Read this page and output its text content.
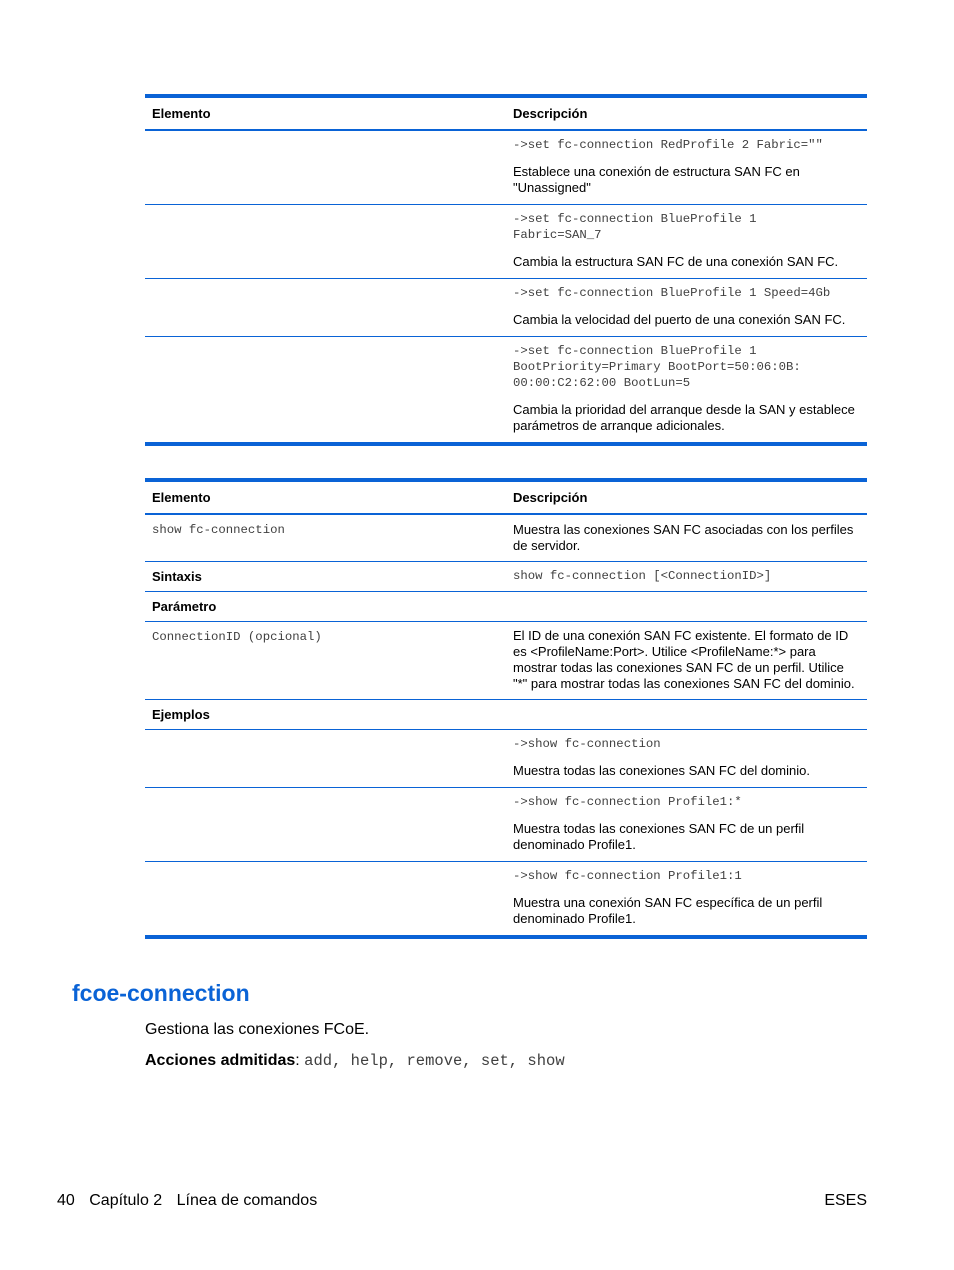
Elemento	Descripción
->set fc-connection RedProfile 2 Fabric=""
Establece una conexión de estructura SAN FC en "Unassigned"
->set fc-connection BlueProfile 1
Fabric=SAN_7
Cambia la estructura SAN FC de una conexión SAN FC.
->set fc-connection BlueProfile 1 Speed=4Gb
Cambia la velocidad del puerto de una conexión SAN FC.
->set fc-connection BlueProfile 1
BootPriority=Primary BootPort=50:06:0B:
00:00:C2:62:00 BootLun=5
Cambia la prioridad del arranque desde la SAN y establece parámetros de arranque adicionales.
Elemento	Descripción
show fc-connection	Muestra las conexiones SAN FC asociadas con los perfiles de servidor.
Sintaxis	show fc-connection [<ConnectionID>]
Parámetro
ConnectionID (opcional)	El ID de una conexión SAN FC existente. El formato de ID es <ProfileName:Port>. Utilice <ProfileName:*> para mostrar todas las conexiones SAN FC de un perfil. Utilice "*" para mostrar todas las conexiones SAN FC del dominio.
Ejemplos
->show fc-connection
Muestra todas las conexiones SAN FC del dominio.
->show fc-connection Profile1:*
Muestra todas las conexiones SAN FC de un perfil denominado Profile1.
->show fc-connection Profile1:1
Muestra una conexión SAN FC específica de un perfil denominado Profile1.
fcoe-connection
Gestiona las conexiones FCoE.
Acciones admitidas: add, help, remove, set, show
40 Capítulo 2 Línea de comandos	ESES
